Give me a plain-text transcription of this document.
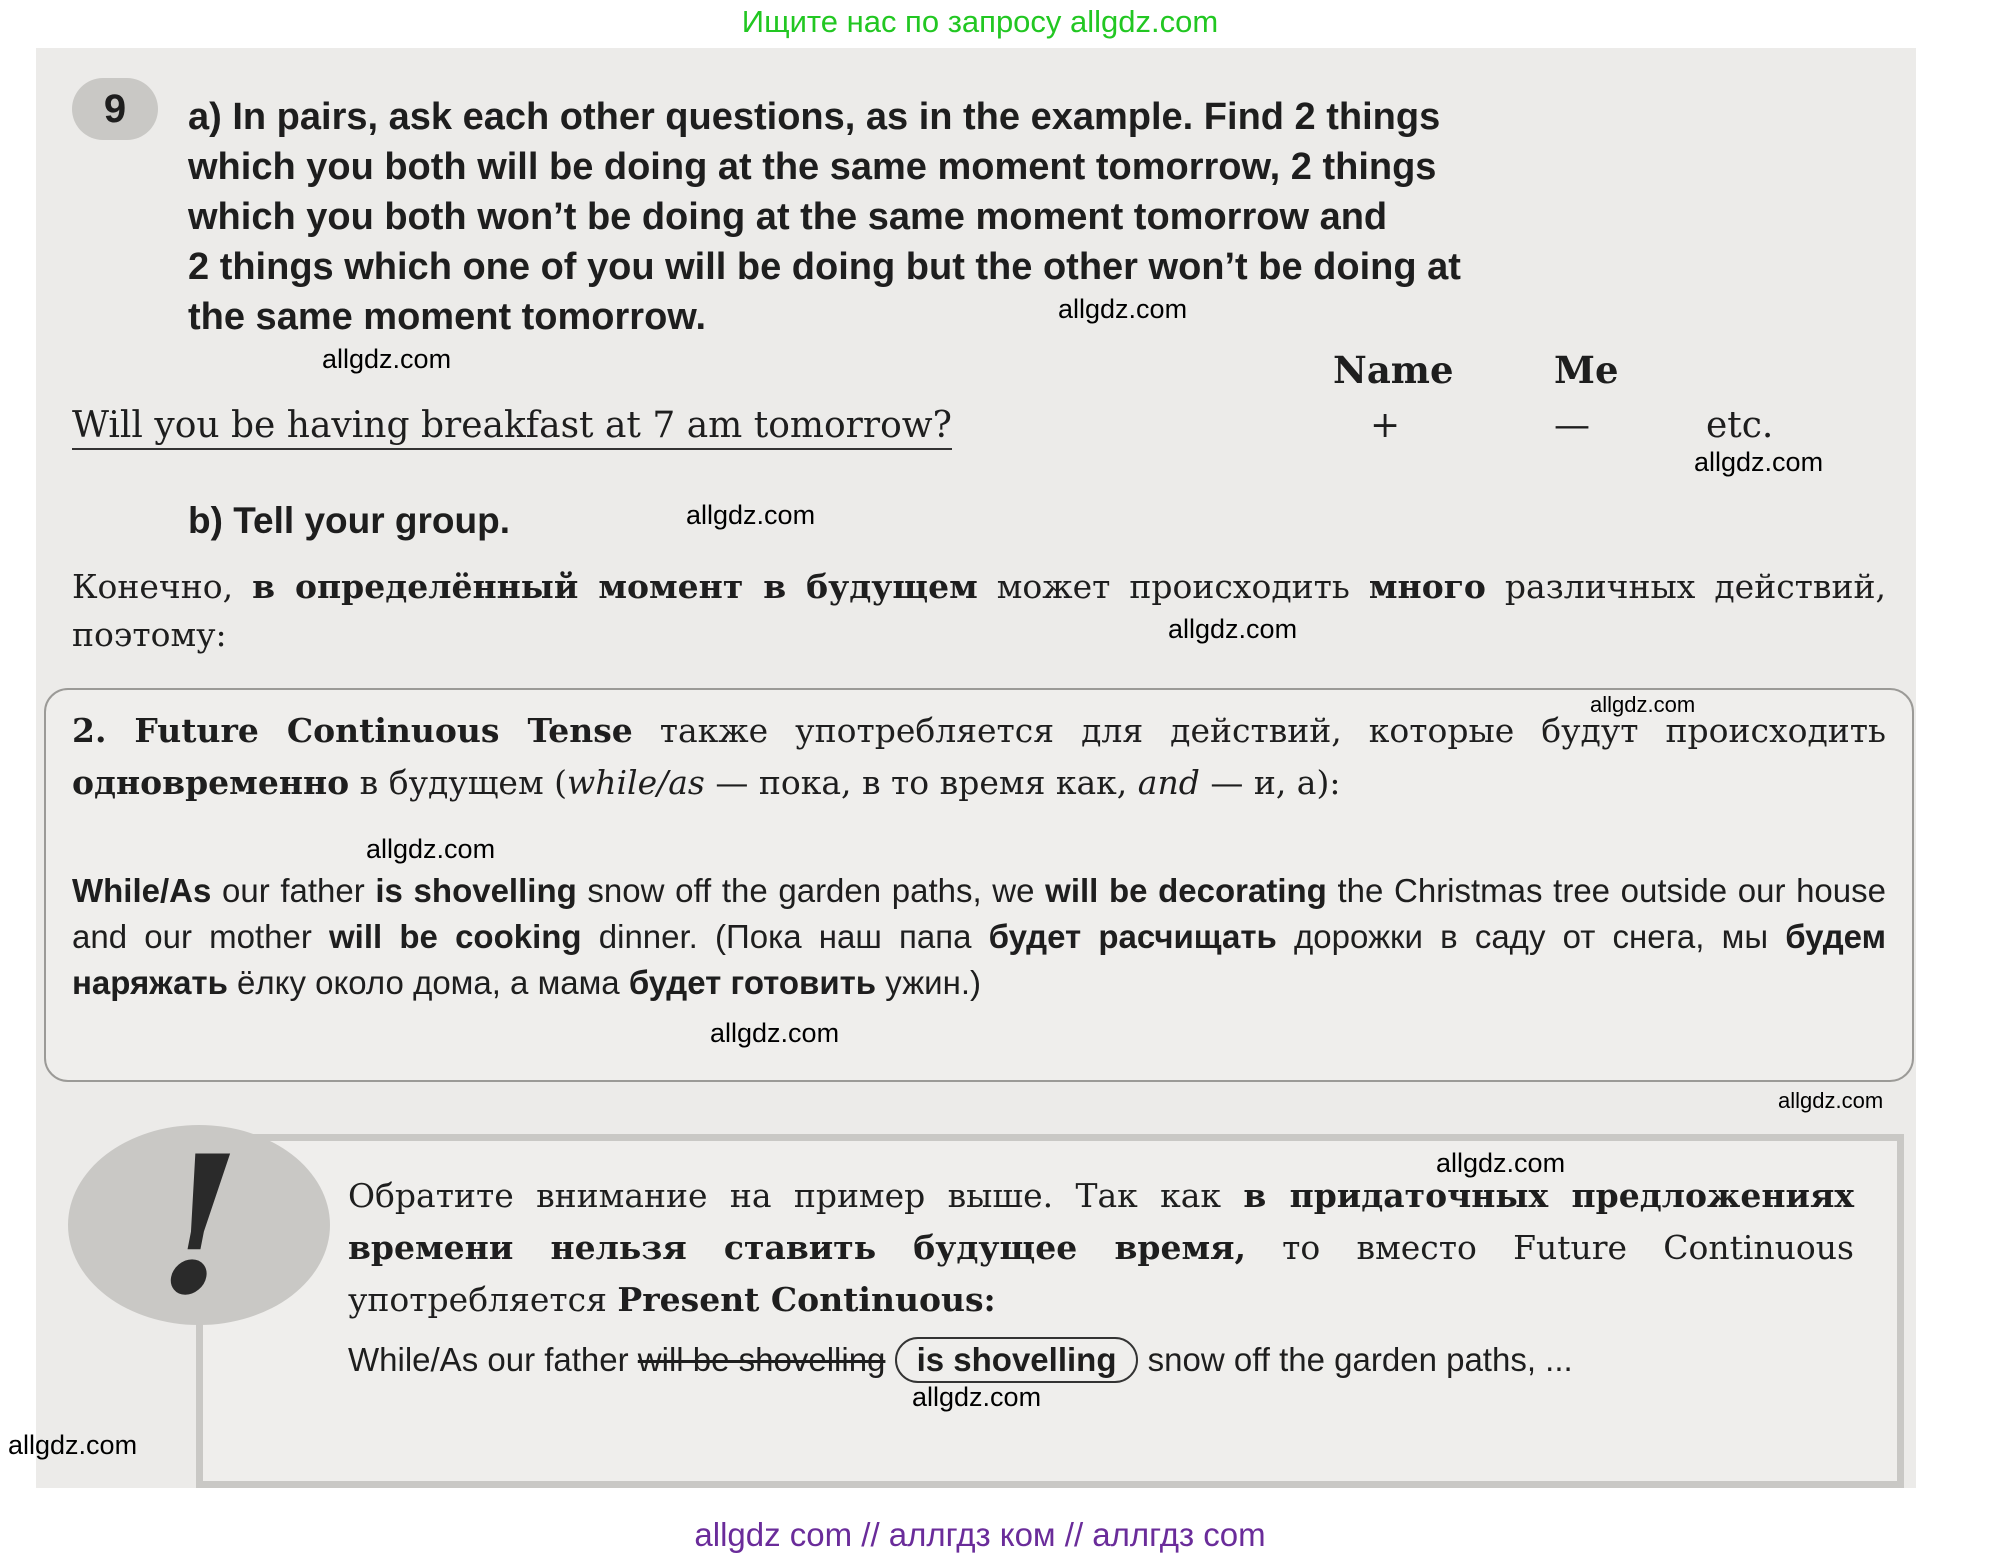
Ищите нас по запросу allgdz.com
9	a) In pairs, ask each other questions, as in the example. Find 2 things
which you both will be doing at the same moment tomorrow, 2 things
which you both won’t be doing at the same moment tomorrow and
2 things which one of you will be doing but the other won’t be doing at
the same moment tomorrow.
Name	Me
Will you be having breakfast at 7 am tomorrow?	+	—	etc.
b) Tell your group.
Конечно, в определённый момент в будущем может происходить много различных действий, поэтому:
2. Future Continuous Tense также употребляется для действий, которые будут происходить одновременно в будущем (while/as — пока, в то время как, and — и, а):
While/As our father is shovelling snow off the garden paths, we will be decorating the Christmas tree outside our house and our mother will be cooking dinner. (Пока наш папа будет расчищать дорожки в саду от снега, мы будем наряжать ёлку около дома, а мама будет готовить ужин.)
!	Обратите внимание на пример выше. Так как в придаточных предложениях времени нельзя ставить будущее время, то вместо Future Continuous употребляется Present Continuous:
While/As our father will be shovelling is shovelling snow off the garden paths, ...
allgdz.com
allgdz.com
allgdz.com
allgdz.com
allgdz.com
allgdz.com
allgdz.com
allgdz.com
allgdz.com
allgdz.com
allgdz.com
allgdz.com
allgdz com // аллгдз ком // аллгдз com
